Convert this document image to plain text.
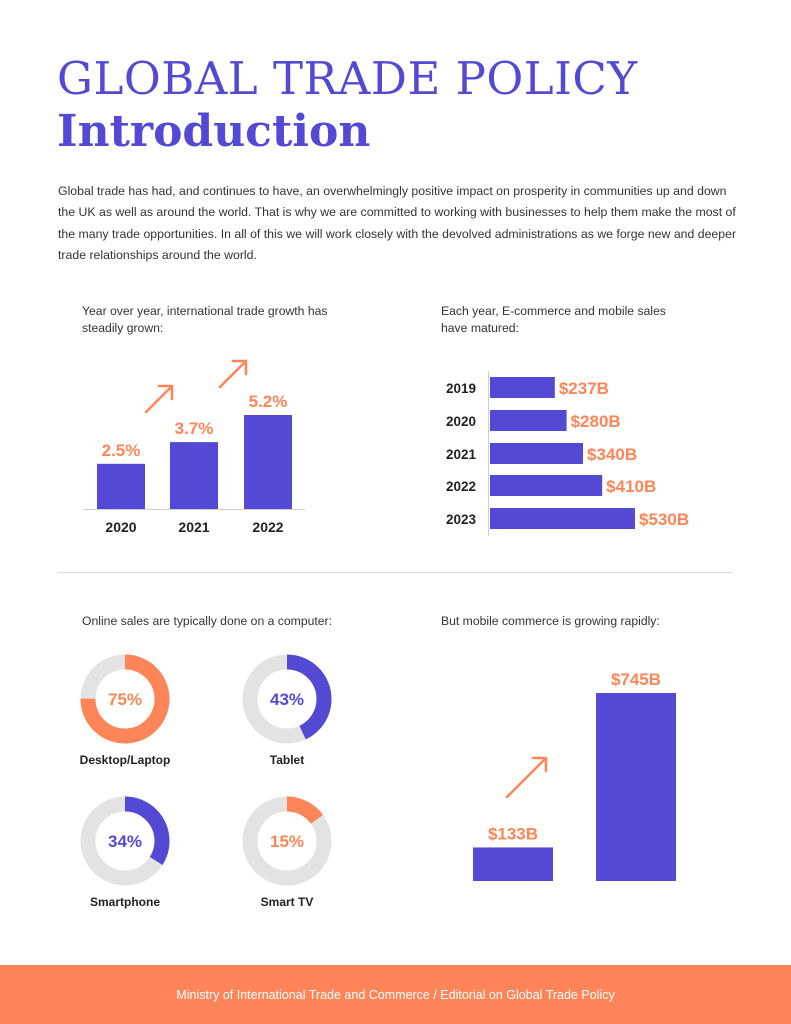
GLOBAL TRADE POLICY
Introduction

Global trade has had, and continues to have, an overwhelmingly positive impact on prosperity in communities up and down the UK as well as around the world. That is why we are committed to working with businesses to help them make the most of the many trade opportunities. In all of this we will work closely with the devolved administrations as we forge new and deeper trade relationships around the world.

Year over year, international trade growth has steadily grown:
Each year, E-commerce and mobile sales have matured:
Online sales are typically done on a computer:	But mobile commerce is growing rapidly:
2.5%
2020
3.7%
2021
5.2%
2022
$237B
2019
$280B
2020
$340B
2021
$410B
2022
$530B
2023
75%	43%
34%	15%	$133B
$745B
Desktop/Laptop	Tablet
Smartphone	Smart TV
Ministry of International Trade and Commerce / Editorial on Global Trade Policy
